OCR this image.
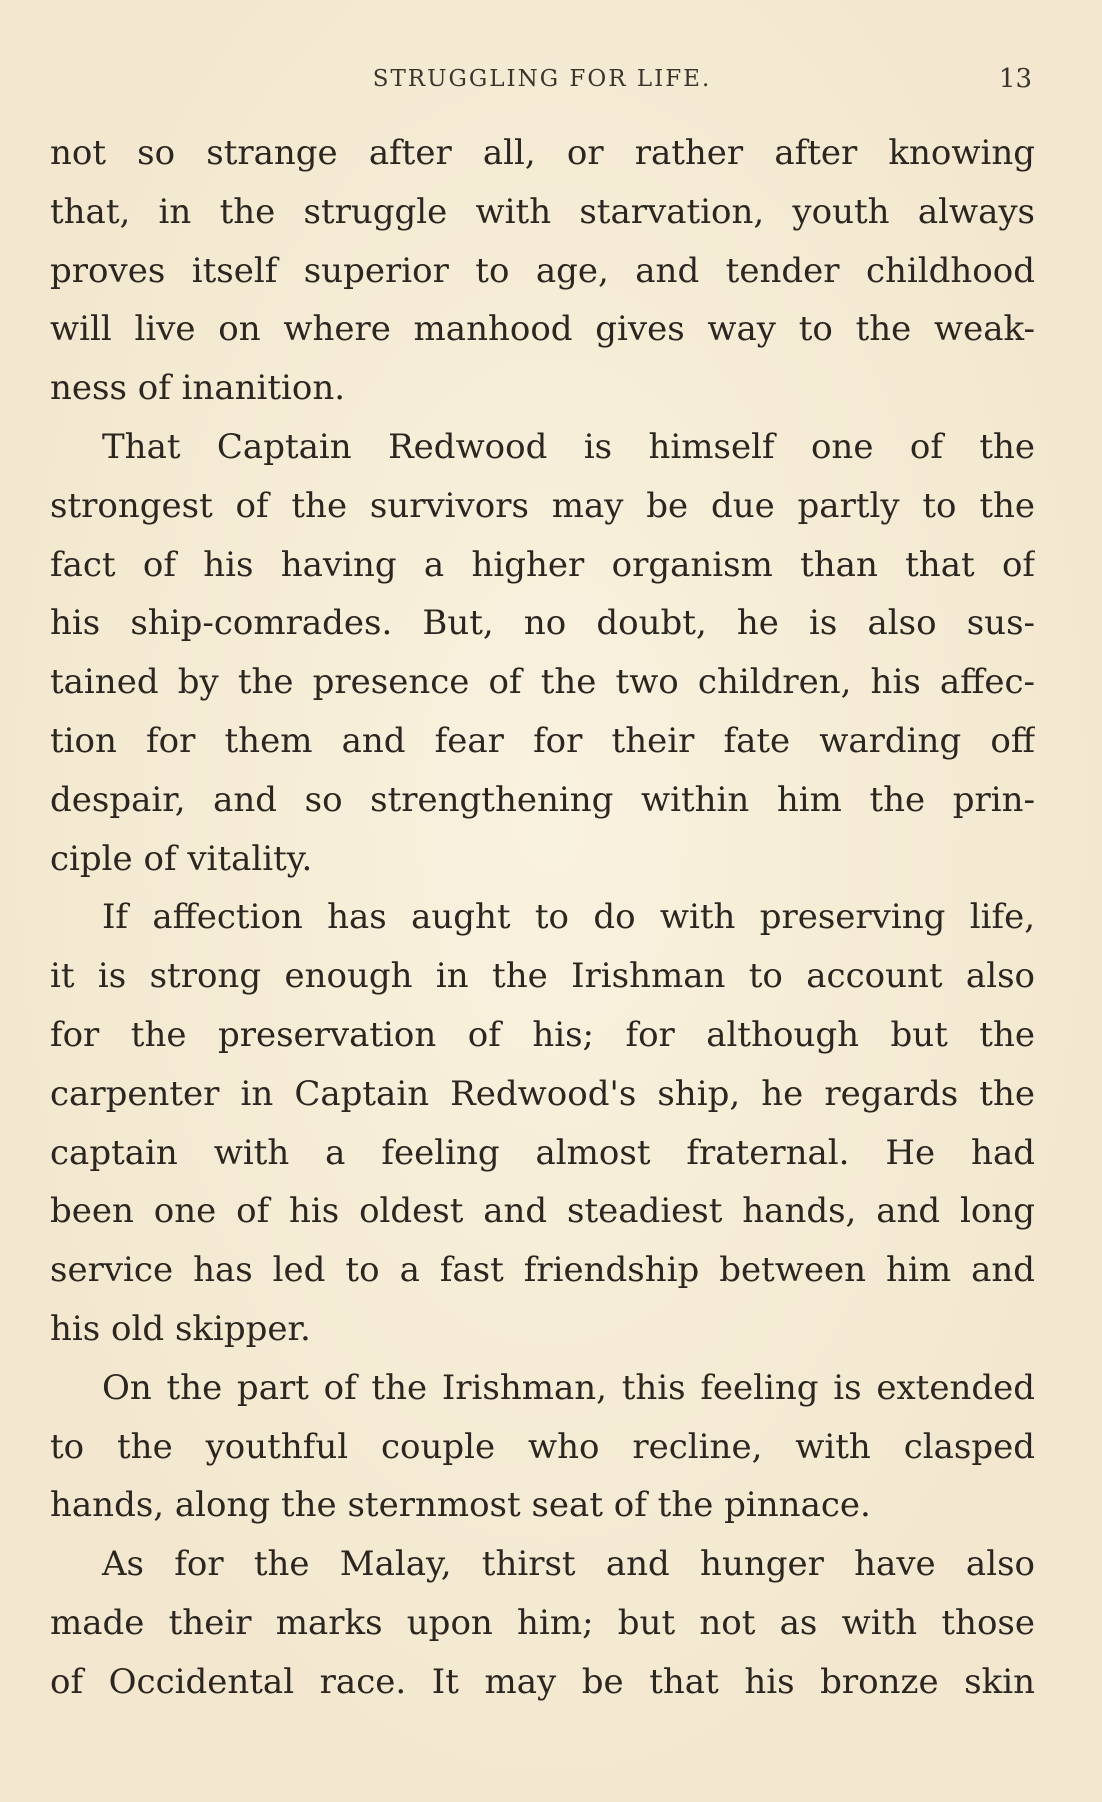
STRUGGLING FOR LIFE.	13
not so strange after all, or rather after knowing
that, in the struggle with starvation, youth always
proves itself superior to age, and tender childhood
will live on where manhood gives way to the weak-
ness of inanition.
That Captain Redwood is himself one of the
strongest of the survivors may be due partly to the
fact of his having a higher organism than that of
his ship-comrades. But, no doubt, he is also sus-
tained by the presence of the two children, his affec-
tion for them and fear for their fate warding off
despair, and so strengthening within him the prin-
ciple of vitality.
If affection has aught to do with preserving life,
it is strong enough in the Irishman to account also
for the preservation of his; for although but the
carpenter in Captain Redwood's ship, he regards the
captain with a feeling almost fraternal. He had
been one of his oldest and steadiest hands, and long
service has led to a fast friendship between him and
his old skipper.
On the part of the Irishman, this feeling is extended
to the youthful couple who recline, with clasped
hands, along the sternmost seat of the pinnace.
As for the Malay, thirst and hunger have also
made their marks upon him; but not as with those
of Occidental race. It may be that his bronze skin
